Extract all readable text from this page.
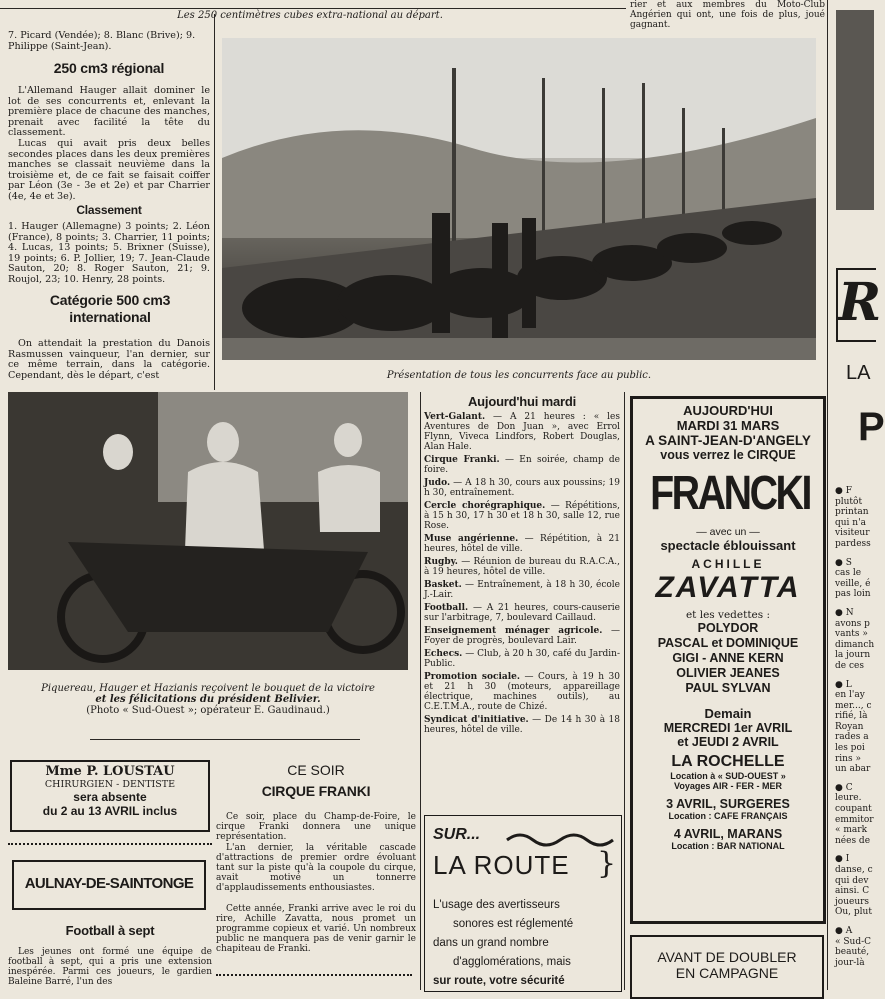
Les 250 centimètres cubes extra-national au départ.
rier et aux membres du Moto-Club Angérien qui ont, une fois de plus, joué gagnant.
7. Picard (Vendée); 8. Blanc (Brive); 9. Philippe (Saint-Jean).
250 cm3 régional
L'Allemand Hauger allait dominer le lot de ses concurrents et, enlevant la première place de chacune des manches, prenait avec facilité la tête du classement.
Lucas qui avait pris deux belles secondes places dans les deux premières manches se classait neuvième dans la troisième et, de ce fait se faisait coiffer par Léon (3e - 3e et 2e) et par Charrier (4e, 4e et 3e).
Classement
1. Hauger (Allemagne) 3 points; 2. Léon (France), 8 points; 3. Charrier, 11 points; 4. Lucas, 13 points; 5. Brixner (Suisse), 19 points; 6. P. Jollier, 19; 7. Jean-Claude Sauton, 20; 8. Roger Sauton, 21; 9. Roujol, 23; 10. Henry, 28 points.
Catégorie 500 cm3 international
On attendait la prestation du Danois Rasmussen vainqueur, l'an dernier, sur ce même terrain, dans la catégorie. Cependant, dès le départ, c'est	Présentation de tous les concurrents face au public.
Piquereau, Hauger et Hazianis reçoivent le bouquet de la victoire
et les félicitations du président Belivier.
(Photo « Sud-Ouest »; opérateur E. Gaudinaud.)
Mme P. LOUSTAU
CHIRURGIEN - DENTISTE
sera absente
du 2 au 13 AVRIL inclus
AULNAY-DE-SAINTONGE
Football à sept
Les jeunes ont formé une équipe de football à sept, qui a pris une extension inespérée. Parmi ces joueurs, le gardien Baleine Barré, l'un des
CE SOIR
CIRQUE FRANKI
Ce soir, place du Champ-de-Foire, le cirque Franki donnera une unique représentation.
L'an dernier, la véritable cascade d'attractions de premier ordre évoluant tant sur la piste qu'à la coupole du cirque, avait motivé un tonnerre d'applaudissements enthousiastes.
Cette année, Franki arrive avec le roi du rire, Achille Zavatta, nous promet un programme copieux et varié. Un nombreux public ne manquera pas de venir garnir le chapiteau de Franki.
Aujourd'hui mardi

Vert-Galant. — A 21 heures : « les Aventures de Don Juan », avec Errol Flynn, Viveca Lindfors, Robert Douglas, Alan Hale.

Cirque Franki. — En soirée, champ de foire.

Judo. — A 18 h 30, cours aux poussins; 19 h 30, entraînement.

Cercle chorégraphique. — Répétitions, à 15 h 30, 17 h 30 et 18 h 30, salle 12, rue Rose.

Muse angérienne. — Répétition, à 21 heures, hôtel de ville.

Rugby. — Réunion de bureau du R.A.C.A., à 19 heures, hôtel de ville.

Basket. — Entraînement, à 18 h 30, école J.-Lair.

Football. — A 21 heures, cours-causerie sur l'arbitrage, 7, boulevard Caillaud.

Enseignement ménager agricole. — Foyer de progrès, boulevard Lair.

Echecs. — Club, à 20 h 30, café du Jardin-Public.

Promotion sociale. — Cours, à 19 h 30 et 21 h 30 (moteurs, appareillage électrique, machines outils), au C.E.T.M.A., route de Chizé.

Syndicat d'initiative. — De 14 h 30 à 18 heures, hôtel de ville.

SUR...
LA ROUTE }
L'usage des avertisseurs
sonores est réglementé
dans un grand nombre
d'agglomérations, mais
sur route, votre sécurité
AUJOURD'HUI
MARDI 31 MARS
A SAINT-JEAN-D'ANGELY
vous verrez le CIRQUE
FRANCKI
— avec un —
spectacle éblouissant
ACHILLE
ZAVATTA
et les vedettes :
POLYDOR
PASCAL et DOMINIQUE
GIGI - ANNE KERN
OLIVIER JEANES
PAUL SYLVAN
Demain
MERCREDI 1er AVRIL
et JEUDI 2 AVRIL
LA ROCHELLE
Location à « SUD-OUEST »
Voyages AIR - FER - MER
3 AVRIL, SURGERES
Location : CAFE FRANÇAIS
4 AVRIL, MARANS
Location : BAR NATIONAL
AVANT DE DOUBLER
EN CAMPAGNE
R
LA
P
● F
plutôt
printan
qui n'a
visiteur
pardess
● S
cas le
veille, é
pas loin
● N
avons p
vants »
dimanch
la journ
de ces
● L
en l'ay
mer..., c
rifié, là
Royan
rades a
les poi
rins »
un abar
● C
leure.
coupant
emmitor
« mark
nées de
● I
danse, c
qui dev
ainsi. C
joueurs
Ou, plut
● A
« Sud-C
beauté,
jour-là
